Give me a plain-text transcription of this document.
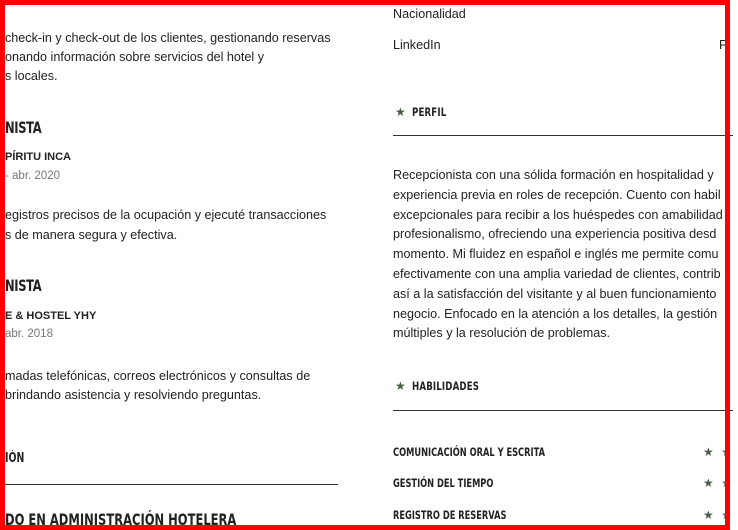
check-in y check-out de los clientes, gestionando reservas
onando información sobre servicios del hotel y
s locales.
NISTA
PÍRITU INCA
- abr. 2020
egistros precisos de la ocupación y ejecuté transacciones
s de manera segura y efectiva.
NISTA
E & HOSTEL YHY
abr. 2018
madas telefónicas, correos electrónicos y consultas de
brindando asistencia y resolviendo preguntas.
IÓN
DO EN ADMINISTRACIÓN HOTELERA
Nacionalidad
LinkedIn	P
★ PERFIL
Recepcionista con una sólida formación en hospitalidad y
experiencia previa en roles de recepción. Cuento con habil
excepcionales para recibir a los huéspedes con amabilidad
profesionalismo, ofreciendo una experiencia positiva desd
momento. Mi fluidez en español e inglés me permite comu
efectivamente con una amplia variedad de clientes, contrib
así a la satisfacción del visitante y al buen funcionamiento
negocio. Enfocado en la atención a los detalles, la gestión
múltiples y la resolución de problemas.
★ HABILIDADES
COMUNICACIÓN ORAL Y ESCRITA	★ ★
GESTIÓN DEL TIEMPO	★ ★
REGISTRO DE RESERVAS	★ ★
